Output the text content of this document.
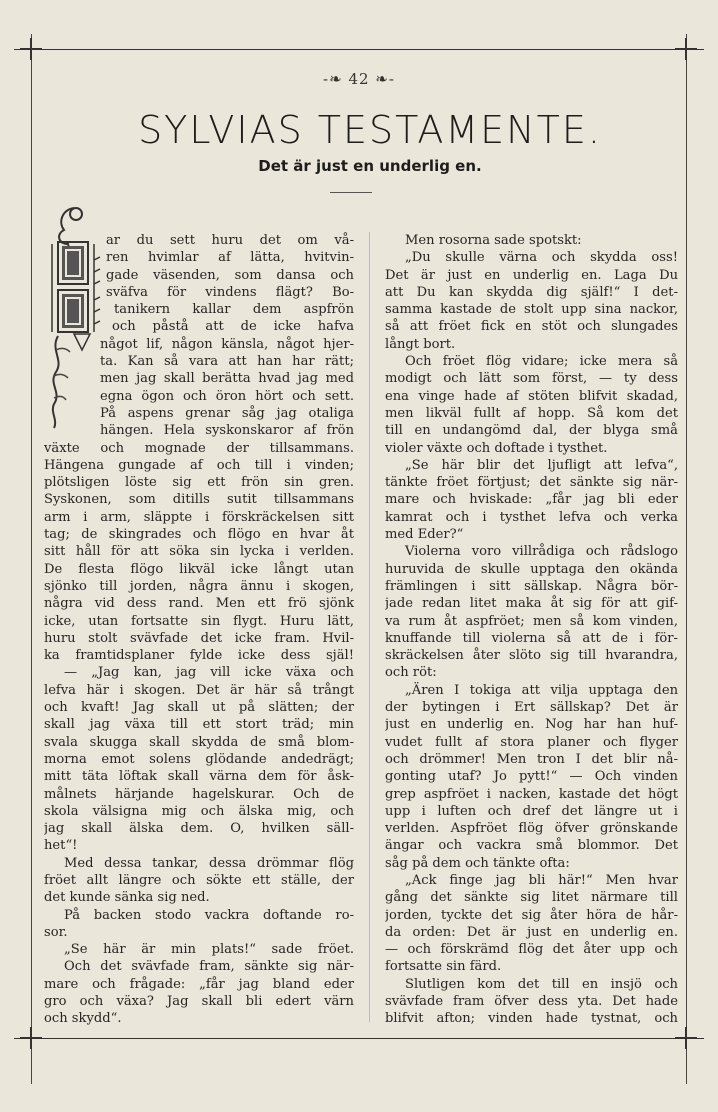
-❧ 42 ❧-
SYLVIAS TESTAMENTE.
Det är just en underlig en.
ar du sett huru det om vå-
ren hvimlar af lätta, hvitvin-
gade väsenden, som dansa och
sväfva för vindens flägt? Bo-
tanikern kallar dem aspfrön
och påstå att de icke hafva
något lif, någon känsla, något hjer-
ta. Kan så vara att han har rätt;
men jag skall berätta hvad jag med
egna ögon och öron hört och sett.
På aspens grenar såg jag otaliga
hängen. Hela syskonskaror af frön
växte och mognade der tillsammans.
Hängena gungade af och till i vinden;
plötsligen löste sig ett frön sin gren.
Syskonen, som ditills sutit tillsammans
arm i arm, släppte i förskräckelsen sitt
tag; de skingrades och flögo en hvar åt
sitt håll för att söka sin lycka i verlden.
De flesta flögo likväl icke långt utan
sjönko till jorden, några ännu i skogen,
några vid dess rand. Men ett frö sjönk
icke, utan fortsatte sin flygt. Huru lätt,
huru stolt svävfade det icke fram. Hvil-
ka framtidsplaner fylde icke dess själ!
— „Jag kan, jag vill icke växa och
lefva här i skogen. Det är här så trångt
och kvaft! Jag skall ut på slätten; der
skall jag växa till ett stort träd; min
svala skugga skall skydda de små blom-
morna emot solens glödande andedrägt;
mitt täta löftak skall värna dem för åsk-
målnets härjande hagelskurar. Och de
skola välsigna mig och älska mig, och
jag skall älska dem. O, hvilken säll-
het“!
Med dessa tankar, dessa drömmar flög
fröet allt längre och sökte ett ställe, der
det kunde sänka sig ned.
På backen stodo vackra doftande ro-
sor.
„Se här är min plats!“ sade fröet.
Och det svävfade fram, sänkte sig när-
mare och frågade: „får jag bland eder
gro och växa? Jag skall bli edert värn
och skydd“.
Men rosorna sade spotskt:
„Du skulle värna och skydda oss!
Det är just en underlig en. Laga Du
att Du kan skydda dig själf!“ I det-
samma kastade de stolt upp sina nackor,
så att fröet fick en stöt och slungades
långt bort.
Och fröet flög vidare; icke mera så
modigt och lätt som först, — ty dess
ena vinge hade af stöten blifvit skadad,
men likväl fullt af hopp. Så kom det
till en undangömd dal, der blyga små
violer växte och doftade i tysthet.
„Se här blir det ljufligt att lefva“,
tänkte fröet förtjust; det sänkte sig när-
mare och hviskade: „får jag bli eder
kamrat och i tysthet lefva och verka
med Eder?“
Violerna voro villrådiga och rådslogo
huruvida de skulle upptaga den okända
främlingen i sitt sällskap. Några bör-
jade redan litet maka åt sig för att gif-
va rum åt aspfröet; men så kom vinden,
knuffande till violerna så att de i för-
skräckelsen åter slöto sig till hvarandra,
och röt:
„Ären I tokiga att vilja upptaga den
der bytingen i Ert sällskap? Det är
just en underlig en. Nog har han huf-
vudet fullt af stora planer och flyger
och drömmer! Men tron I det blir nå-
gonting utaf? Jo pytt!“ — Och vinden
grep aspfröet i nacken, kastade det högt
upp i luften och dref det längre ut i
verlden. Aspfröet flög öfver grönskande
ängar och vackra små blommor. Det
såg på dem och tänkte ofta:
„Ack finge jag bli här!“ Men hvar
gång det sänkte sig litet närmare till
jorden, tyckte det sig åter höra de hår-
da orden: Det är just en underlig en.
— och förskrämd flög det åter upp och
fortsatte sin färd.
Slutligen kom det till en insjö och
svävfade fram öfver dess yta. Det hade
blifvit afton; vinden hade tystnat, och
